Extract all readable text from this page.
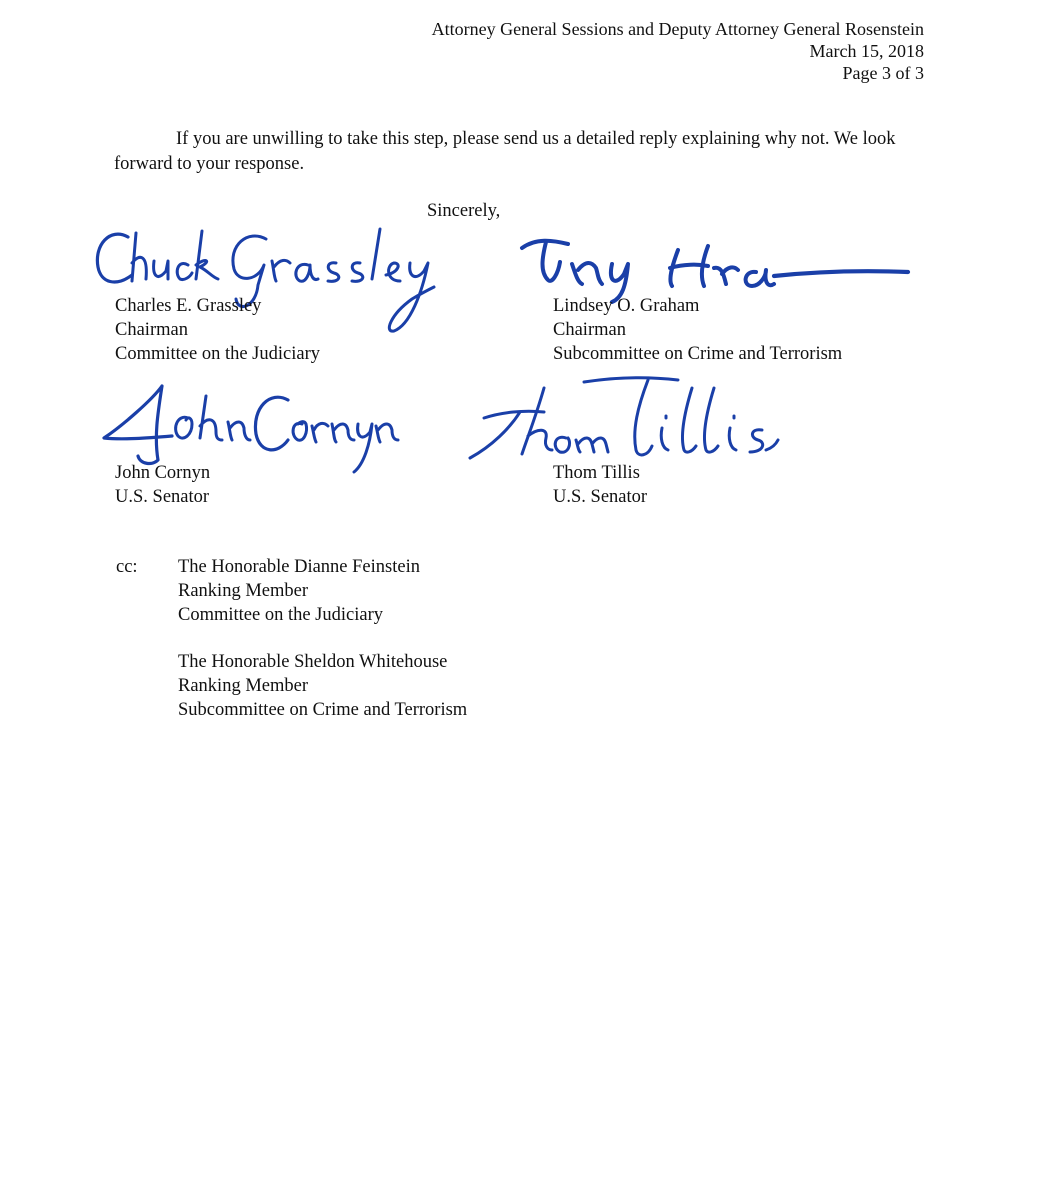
Attorney General Sessions and Deputy Attorney General Rosenstein
March 15, 2018
Page 3 of 3

If you are unwilling to take this step, please send us a detailed reply explaining why not. We look forward to your response.

Sincerely,
Charles E. Grassley
Chairman
Committee on the Judiciary
Lindsey O. Graham
Chairman
Subcommittee on Crime and Terrorism
John Cornyn
U.S. Senator
Thom Tillis
U.S. Senator
cc: The Honorable Dianne Feinstein
Ranking Member
Committee on the Judiciary
The Honorable Sheldon Whitehouse
Ranking Member
Subcommittee on Crime and Terrorism
